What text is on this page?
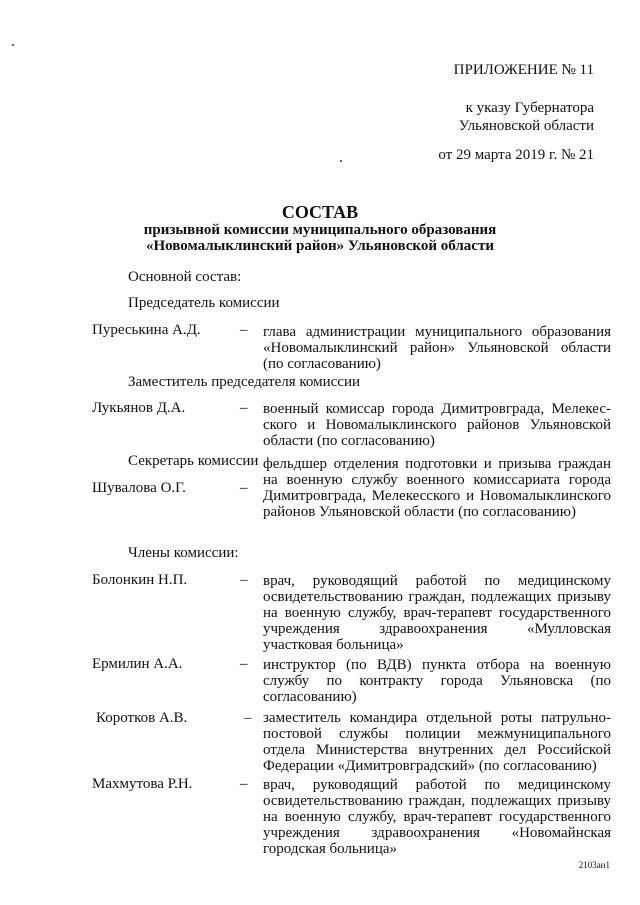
ПРИЛОЖЕНИЕ № 11
к указу Губернатора
Ульяновской области
от 29 марта 2019 г. № 21
СОСТАВ
призывной комиссии муниципального образования
«Новомалыклинский район» Ульяновской области
Основной состав:
Председатель комиссии
Пуреськина А.Д.	– глава администрации муниципального образования
«Новомалыклинский район» Ульяновской области
(по согласованию)
Заместитель председателя комиссии
Лукьянов Д.А.	– военный комиссар города Димитровграда, Мелекес-
ского и Новомалыклинского районов Ульяновской
области (по согласованию)
Секретарь комиссии
Шувалова О.Г.	–
фельдшер отделения подготовки и призыва граждан
на военную службу военного комиссариата города
Димитровграда, Мелекесского и Новомалыклинского
районов Ульяновской области (по согласованию)
Члены комиссии:
Болонкин Н.П.	– врач, руководящий работой по медицинскому освидетельствованию граждан, подлежащих призыву
на военную службу, врач-терапевт государственного
учреждения здравоохранения «Мулловская участковая больница»
Ермилин А.А.	– инструктор (по ВДВ) пункта отбора на военную
службу по контракту города Ульяновска (по согласованию)
Коротков А.В.	– заместитель командира отдельной роты патрульно-
постовой службы полиции межмуниципального
отдела Министерства внутренних дел Российской
Федерации «Димитровградский» (по согласованию)
Махмутова Р.Н.	– врач, руководящий работой по медицинскому освидетельствованию граждан, подлежащих призыву
на военную службу, врач-терапевт государственного
учреждения здравоохранения «Новомайнская городская больница»
2103ан1
